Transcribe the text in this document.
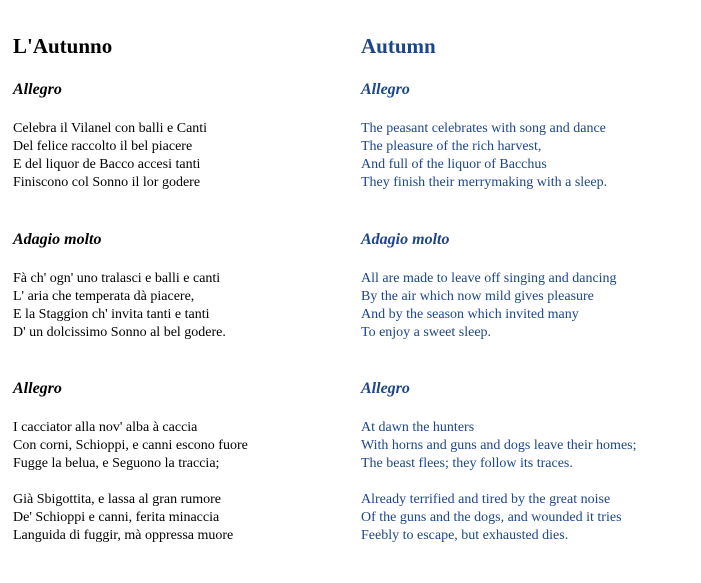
L'Autunno
Allegro

Celebra il Vilanel con balli e Canti
Del felice raccolto il bel piacere
E del liquor de Bacco accesi tanti
Finiscono col Sonno il lor godere

Adagio molto

Fà ch' ogn' uno tralasci e balli e canti
L' aria che temperata dà piacere,
E la Staggion ch' invita tanti e tanti
D' un dolcissimo Sonno al bel godere.

Allegro

I cacciator alla nov' alba à caccia
Con corni, Schioppi, e canni escono fuore
Fugge la belua, e Seguono la traccia;

Già Sbigottita, e lassa al gran rumore
De' Schioppi e canni, ferita minaccia
Languida di fuggir, mà oppressa muore

Autumn
Allegro

The peasant celebrates with song and dance
The pleasure of the rich harvest,
And full of the liquor of Bacchus
They finish their merrymaking with a sleep.

Adagio molto

All are made to leave off singing and dancing
By the air which now mild gives pleasure
And by the season which invited many
To enjoy a sweet sleep.

Allegro

At dawn the hunters
With horns and guns and dogs leave their homes;
The beast flees; they follow its traces.

Already terrified and tired by the great noise
Of the guns and the dogs, and wounded it tries
Feebly to escape, but exhausted dies.
